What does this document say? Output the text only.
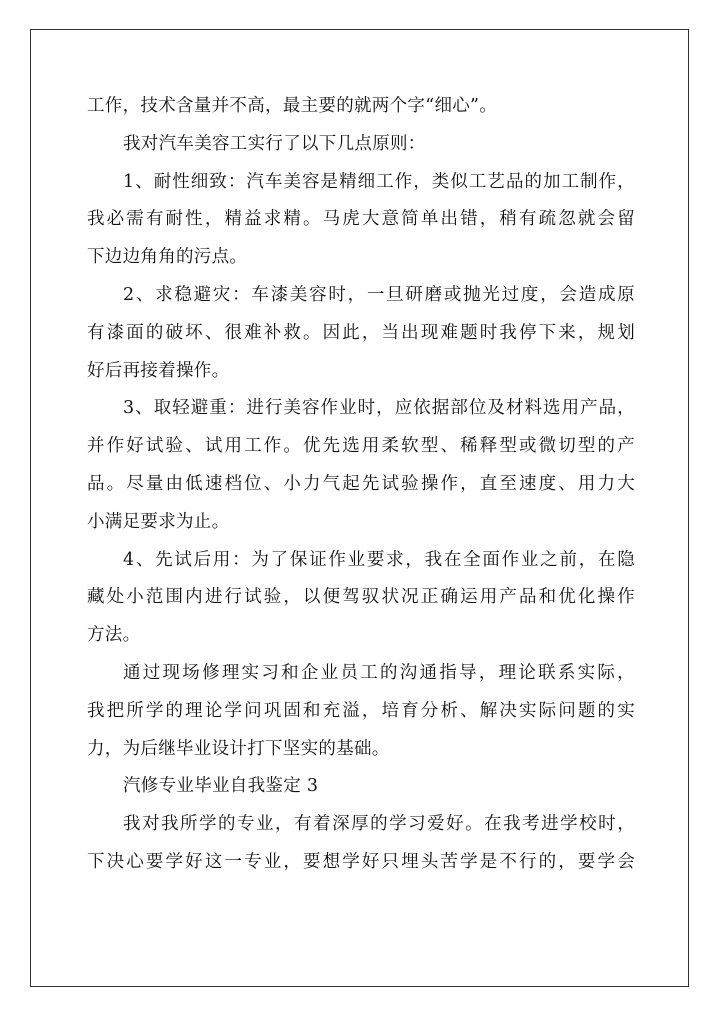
工作，技术含量并不高，最主要的就两个字“细心”。
我对汽车美容工实行了以下几点原则：
1、耐性细致：汽车美容是精细工作，类似工艺品的加工制作，
我必需有耐性，精益求精。马虎大意简单出错，稍有疏忽就会留
下边边角角的污点。
2、求稳避灾：车漆美容时，一旦研磨或抛光过度，会造成原
有漆面的破坏、很难补救。因此，当出现难题时我停下来，规划
好后再接着操作。
3、取轻避重：进行美容作业时，应依据部位及材料选用产品，
并作好试验、试用工作。优先选用柔软型、稀释型或微切型的产
品。尽量由低速档位、小力气起先试验操作，直至速度、用力大
小满足要求为止。
4、先试后用：为了保证作业要求，我在全面作业之前，在隐
藏处小范围内进行试验，以便驾驭状况正确运用产品和优化操作
方法。
通过现场修理实习和企业员工的沟通指导，理论联系实际，
我把所学的理论学问巩固和充溢，培育分析、解决实际问题的实
力，为后继毕业设计打下坚实的基础。
汽修专业毕业自我鉴定 3
我对我所学的专业，有着深厚的学习爱好。在我考进学校时，
下决心要学好这一专业，要想学好只埋头苦学是不行的，要学会
